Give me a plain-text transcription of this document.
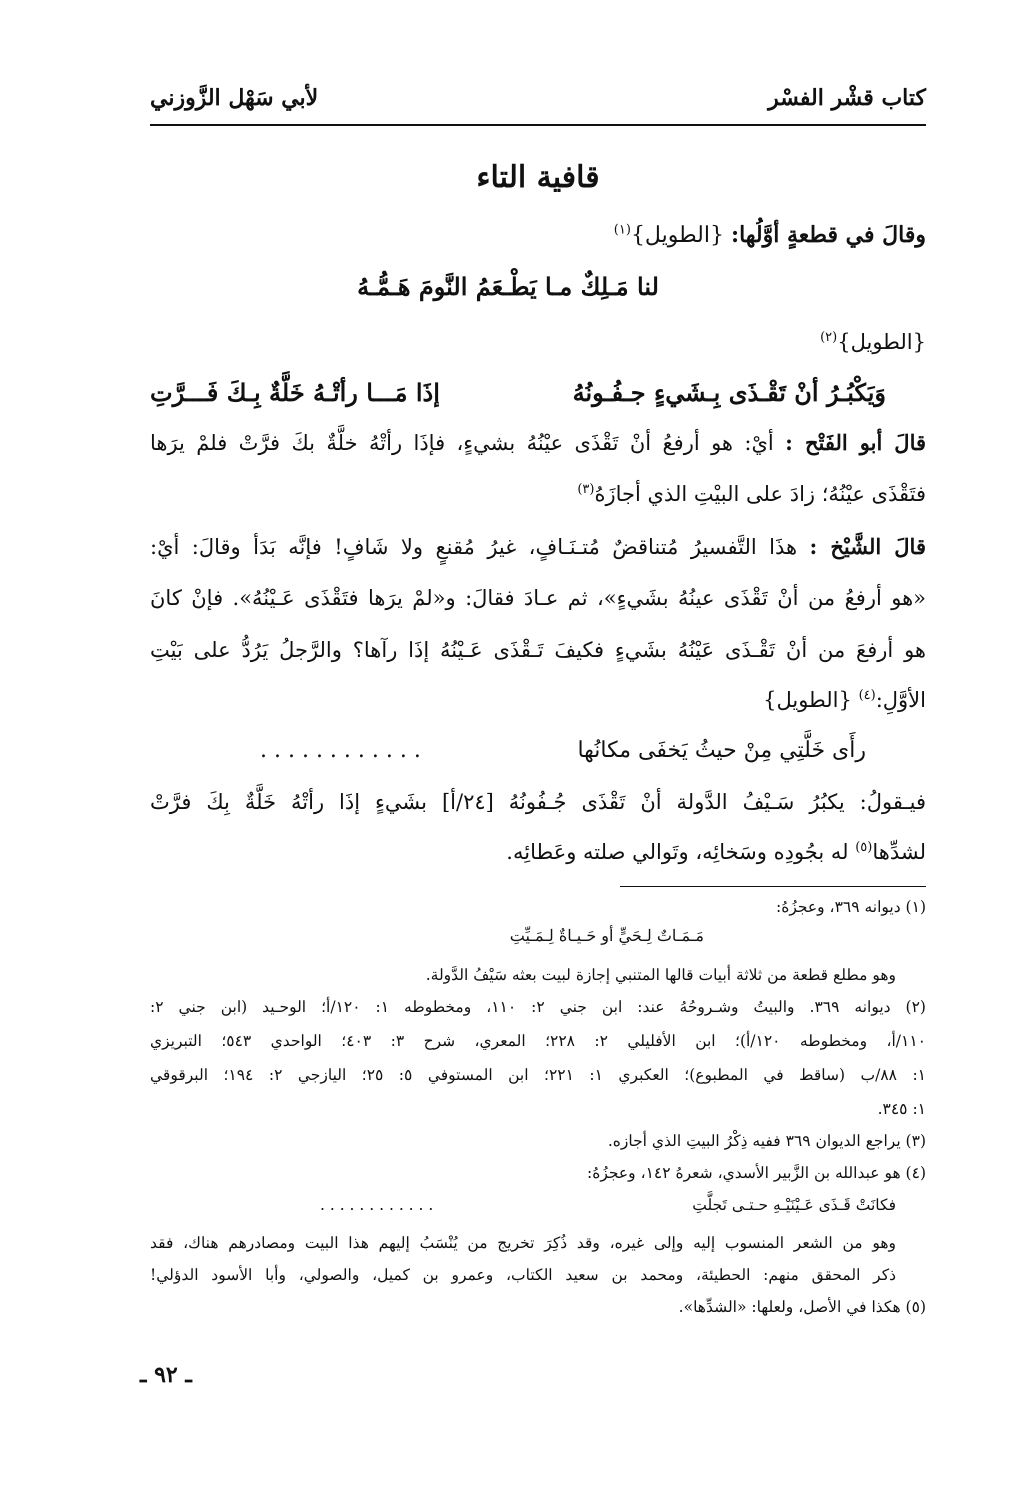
كتاب قشْر الفسْر
لأبي سَهْل الزَّوزني
قافية التاء
وقالَ في قطعةٍ أوَّلُها: {الطويل}$^{(١)}$
لنا مَـلِكٌ مـا يَطْـعَمُ النَّومَ هَـمُّـهُ
{الطويل}$^{(٢)}$
وَيَكْبُـرُ أنْ تَقْـذَى بِـشَيءٍ جـفُـونُهُ
إذَا مَـــا رأتْـهُ خَلَّةٌ بِـكَ فَـــرَّتِ
قالَ أبو الفَتْح : أيْ: هو أرفعُ أنْ تَقْذَى عيْنُهُ بشيءٍ، فإذَا رأتْهُ خلَّةٌ بكَ فرَّتْ فلمْ يرَها
فتَقْذَى عيْنُهُ؛ زادَ على البيْتِ الذي أجازَهُ$^{(٣)}$
قالَ الشَّيْخ : هذَا التَّفسيرُ مُتناقضٌ مُتـنَـافٍ، غيرُ مُقنعٍ ولا شَافٍ! فإنَّه بَدَأ وقالَ: أيْ:
«هو أرفعُ من أنْ تَقْذَى عينُهُ بشَيءٍ»، ثم عـادَ فقالَ: و«لمْ يرَها فتَقْذَى عَـيْنُهُ». فإنْ كانَ
هو أرفعَ من أنْ تَقْـذَى عَيْنُهُ بشَيءٍ فكيفَ تَـقْذَى عَـيْنُهُ إذَا رآها؟ والرَّجلُ يَرُدُّ على بَيْتِ
الأوَّلِ:$^{(٤)}$ {الطويل}
رأَى خَلَّتِي مِنْ حيثُ يَخفَى مكانُها
. . . . . . . . . . . .
فيـقولُ: يكبُرُ سَـيْفُ الدَّولة أنْ تَقْذَى جُـفُونُهُ [٢٤/أ] بشَيءٍ إذَا رأتْهُ خَلَّةٌ بِكَ فرَّتْ
لشدِّها$^{(٥)}$ له بجُودِه وسَخائِه، وتَوالي صلته وعَطائِه.
(١) ديوانه ٣٦٩، وعجزُهُ:
مَـمَـاتٌ لِـحَيٍّ أو حَـيـاةٌ لِـمَـيِّتِ
وهو مطلع قطعة من ثلاثة أبيات قالها المتنبي إجازة لبيت بعثه سَيْفُ الدَّولة.
(٢) ديوانه ٣٦٩. والبيتُ وشـروحُهُ عند: ابن جني ٢: ١١٠، ومخطوطه ١: ١٢٠/أ؛ الوحـيد (ابن جني ٢:
١١٠/أ، ومخطوطه ١٢٠/أ)؛ ابن الأفليلي ٢: ٢٢٨؛ المعري، شرح ٣: ٤٠٣؛ الواحدي ٥٤٣؛ التبريزي
١: ٨٨/ب (ساقط في المطبوع)؛ العكبري ١: ٢٢١؛ ابن المستوفي ٥: ٢٥؛ اليازجي ٢: ١٩٤؛ البرقوقي
١: ٣٤٥.
(٣) يراجع الديوان ٣٦٩ ففيه ذِكْرُ البيتِ الذي أجازه.
(٤) هو عبدالله بن الزَّبير الأسدي، شعرهُ ١٤٢، وعجزُهُ:
فكانَتْ قَـذَى عَـيْنَيْـهِ حـتـى تَجلَّتِ
. . . . . . . . . . . .
وهو من الشعر المنسوب إليه وإلى غيره، وقد ذُكِرَ تخريج من يُنْسَبُ إليهم هذا البيت ومصادرهم هناك، فقد
ذكر المحقق منهم: الحطيئة، ومحمد بن سعيد الكتاب، وعمرو بن كميل، والصولي، وأبا الأسود الدؤلي!
(٥) هكذا في الأصل، ولعلها: «الشدِّها».
ـ ٩٢ ـ
